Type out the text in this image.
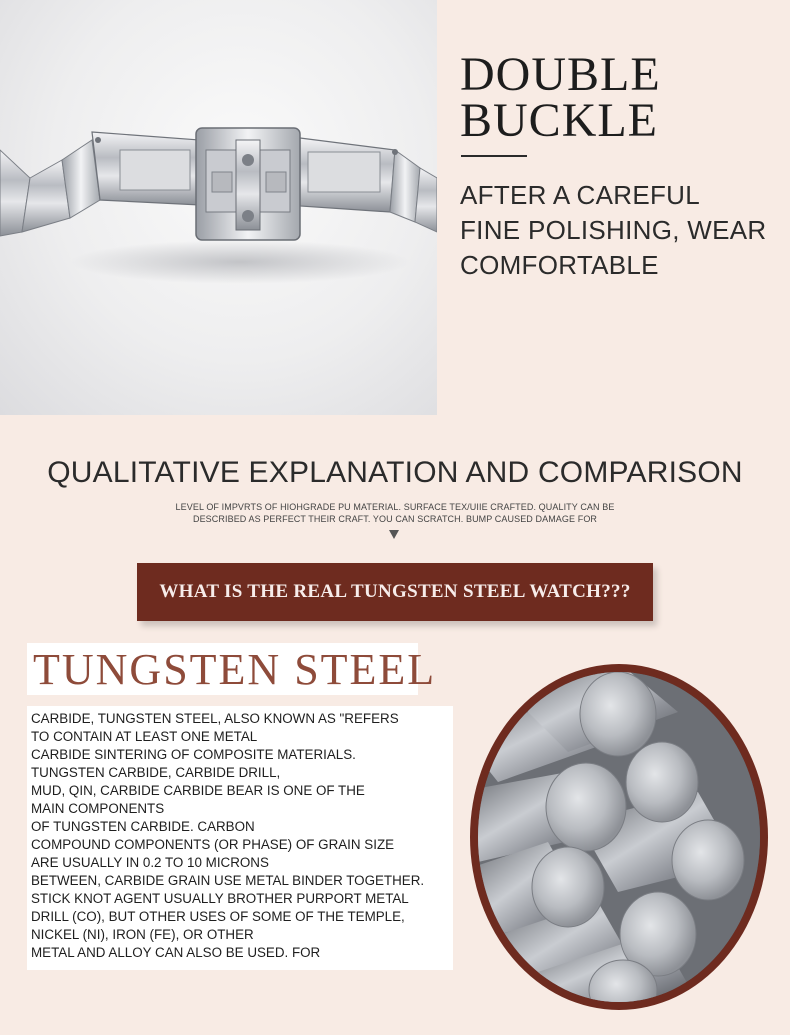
DOUBLE
BUCKLE
AFTER A CAREFUL
FINE POLISHING, WEAR
COMFORTABLE
QUALITATIVE EXPLANATION AND COMPARISON
LEVEL OF IMPVRTS OF HIOHGRADE PU MATERIAL. SURFACE TEX/UIIE CRAFTED. QUALITY CAN BE
DESCRIBED AS PERFECT THEIR CRAFT. YOU CAN SCRATCH. BUMP CAUSED DAMAGE FOR
WHAT IS THE REAL TUNGSTEN STEEL WATCH???
TUNGSTEN STEEL
CARBIDE, TUNGSTEN STEEL, ALSO KNOWN AS "REFERS
TO CONTAIN AT LEAST ONE METAL
CARBIDE SINTERING OF COMPOSITE MATERIALS.
TUNGSTEN CARBIDE, CARBIDE DRILL,
MUD, QIN, CARBIDE CARBIDE BEAR IS ONE OF THE
MAIN COMPONENTS
OF TUNGSTEN CARBIDE. CARBON
COMPOUND COMPONENTS (OR PHASE) OF GRAIN SIZE
ARE USUALLY IN 0.2 TO 10 MICRONS
BETWEEN, CARBIDE GRAIN USE METAL BINDER TOGETHER.
STICK KNOT AGENT USUALLY BROTHER PURPORT METAL
DRILL (CO), BUT OTHER USES OF SOME OF THE TEMPLE,
NICKEL (NI), IRON (FE), OR OTHER
METAL AND ALLOY CAN ALSO BE USED. FOR
